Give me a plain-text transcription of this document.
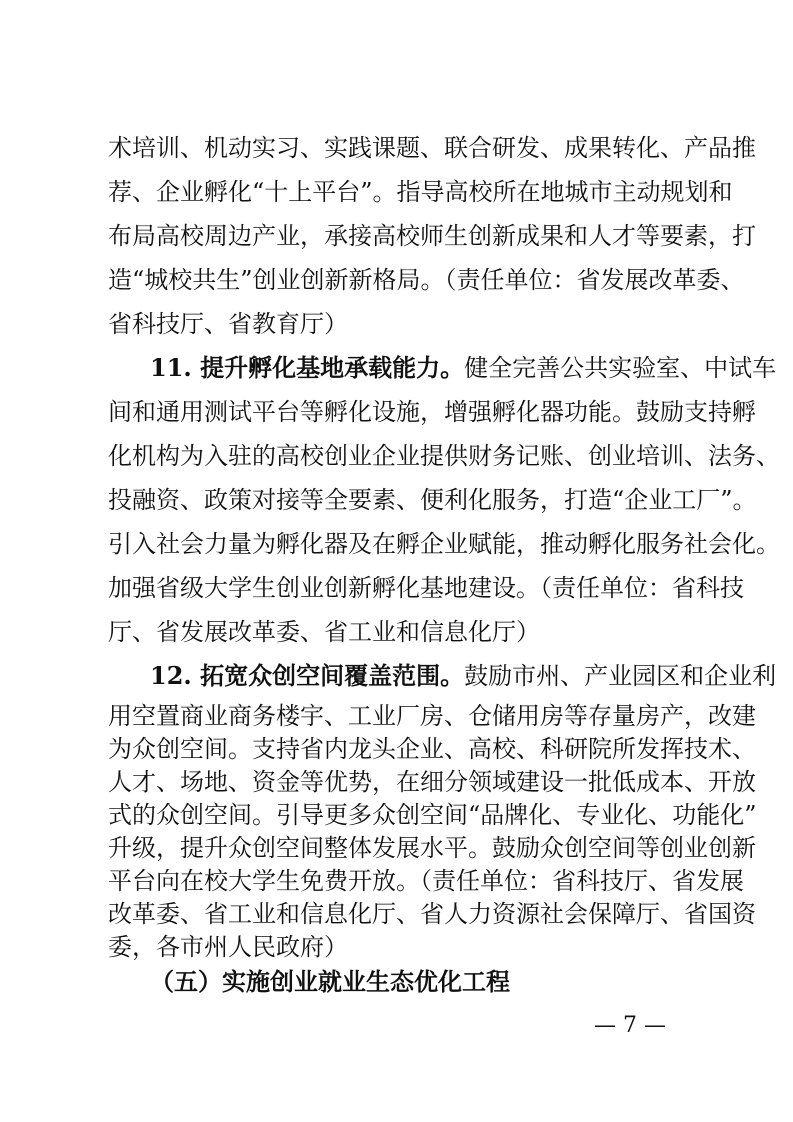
术培训、机动实习、实践课题、联合研发、成果转化、产品推
荐、企业孵化“十上平台”。指导高校所在地城市主动规划和
布局高校周边产业，承接高校师生创新成果和人才等要素，打
造“城校共生”创业创新新格局。（责任单位：省发展改革委、
省科技厅、省教育厅）
11. 提升孵化基地承载能力。健全完善公共实验室、中试车
间和通用测试平台等孵化设施，增强孵化器功能。鼓励支持孵
化机构为入驻的高校创业企业提供财务记账、创业培训、法务、
投融资、政策对接等全要素、便利化服务，打造“企业工厂”。
引入社会力量为孵化器及在孵企业赋能，推动孵化服务社会化。
加强省级大学生创业创新孵化基地建设。（责任单位：省科技
厅、省发展改革委、省工业和信息化厅）
12. 拓宽众创空间覆盖范围。鼓励市州、产业园区和企业利
用空置商业商务楼宇、工业厂房、仓储用房等存量房产，改建
为众创空间。支持省内龙头企业、高校、科研院所发挥技术、
人才、场地、资金等优势，在细分领域建设一批低成本、开放
式的众创空间。引导更多众创空间“品牌化、专业化、功能化”
升级，提升众创空间整体发展水平。鼓励众创空间等创业创新
平台向在校大学生免费开放。（责任单位：省科技厅、省发展
改革委、省工业和信息化厅、省人力资源社会保障厅、省国资
委，各市州人民政府）
（五）实施创业就业生态优化工程
— 7 —
